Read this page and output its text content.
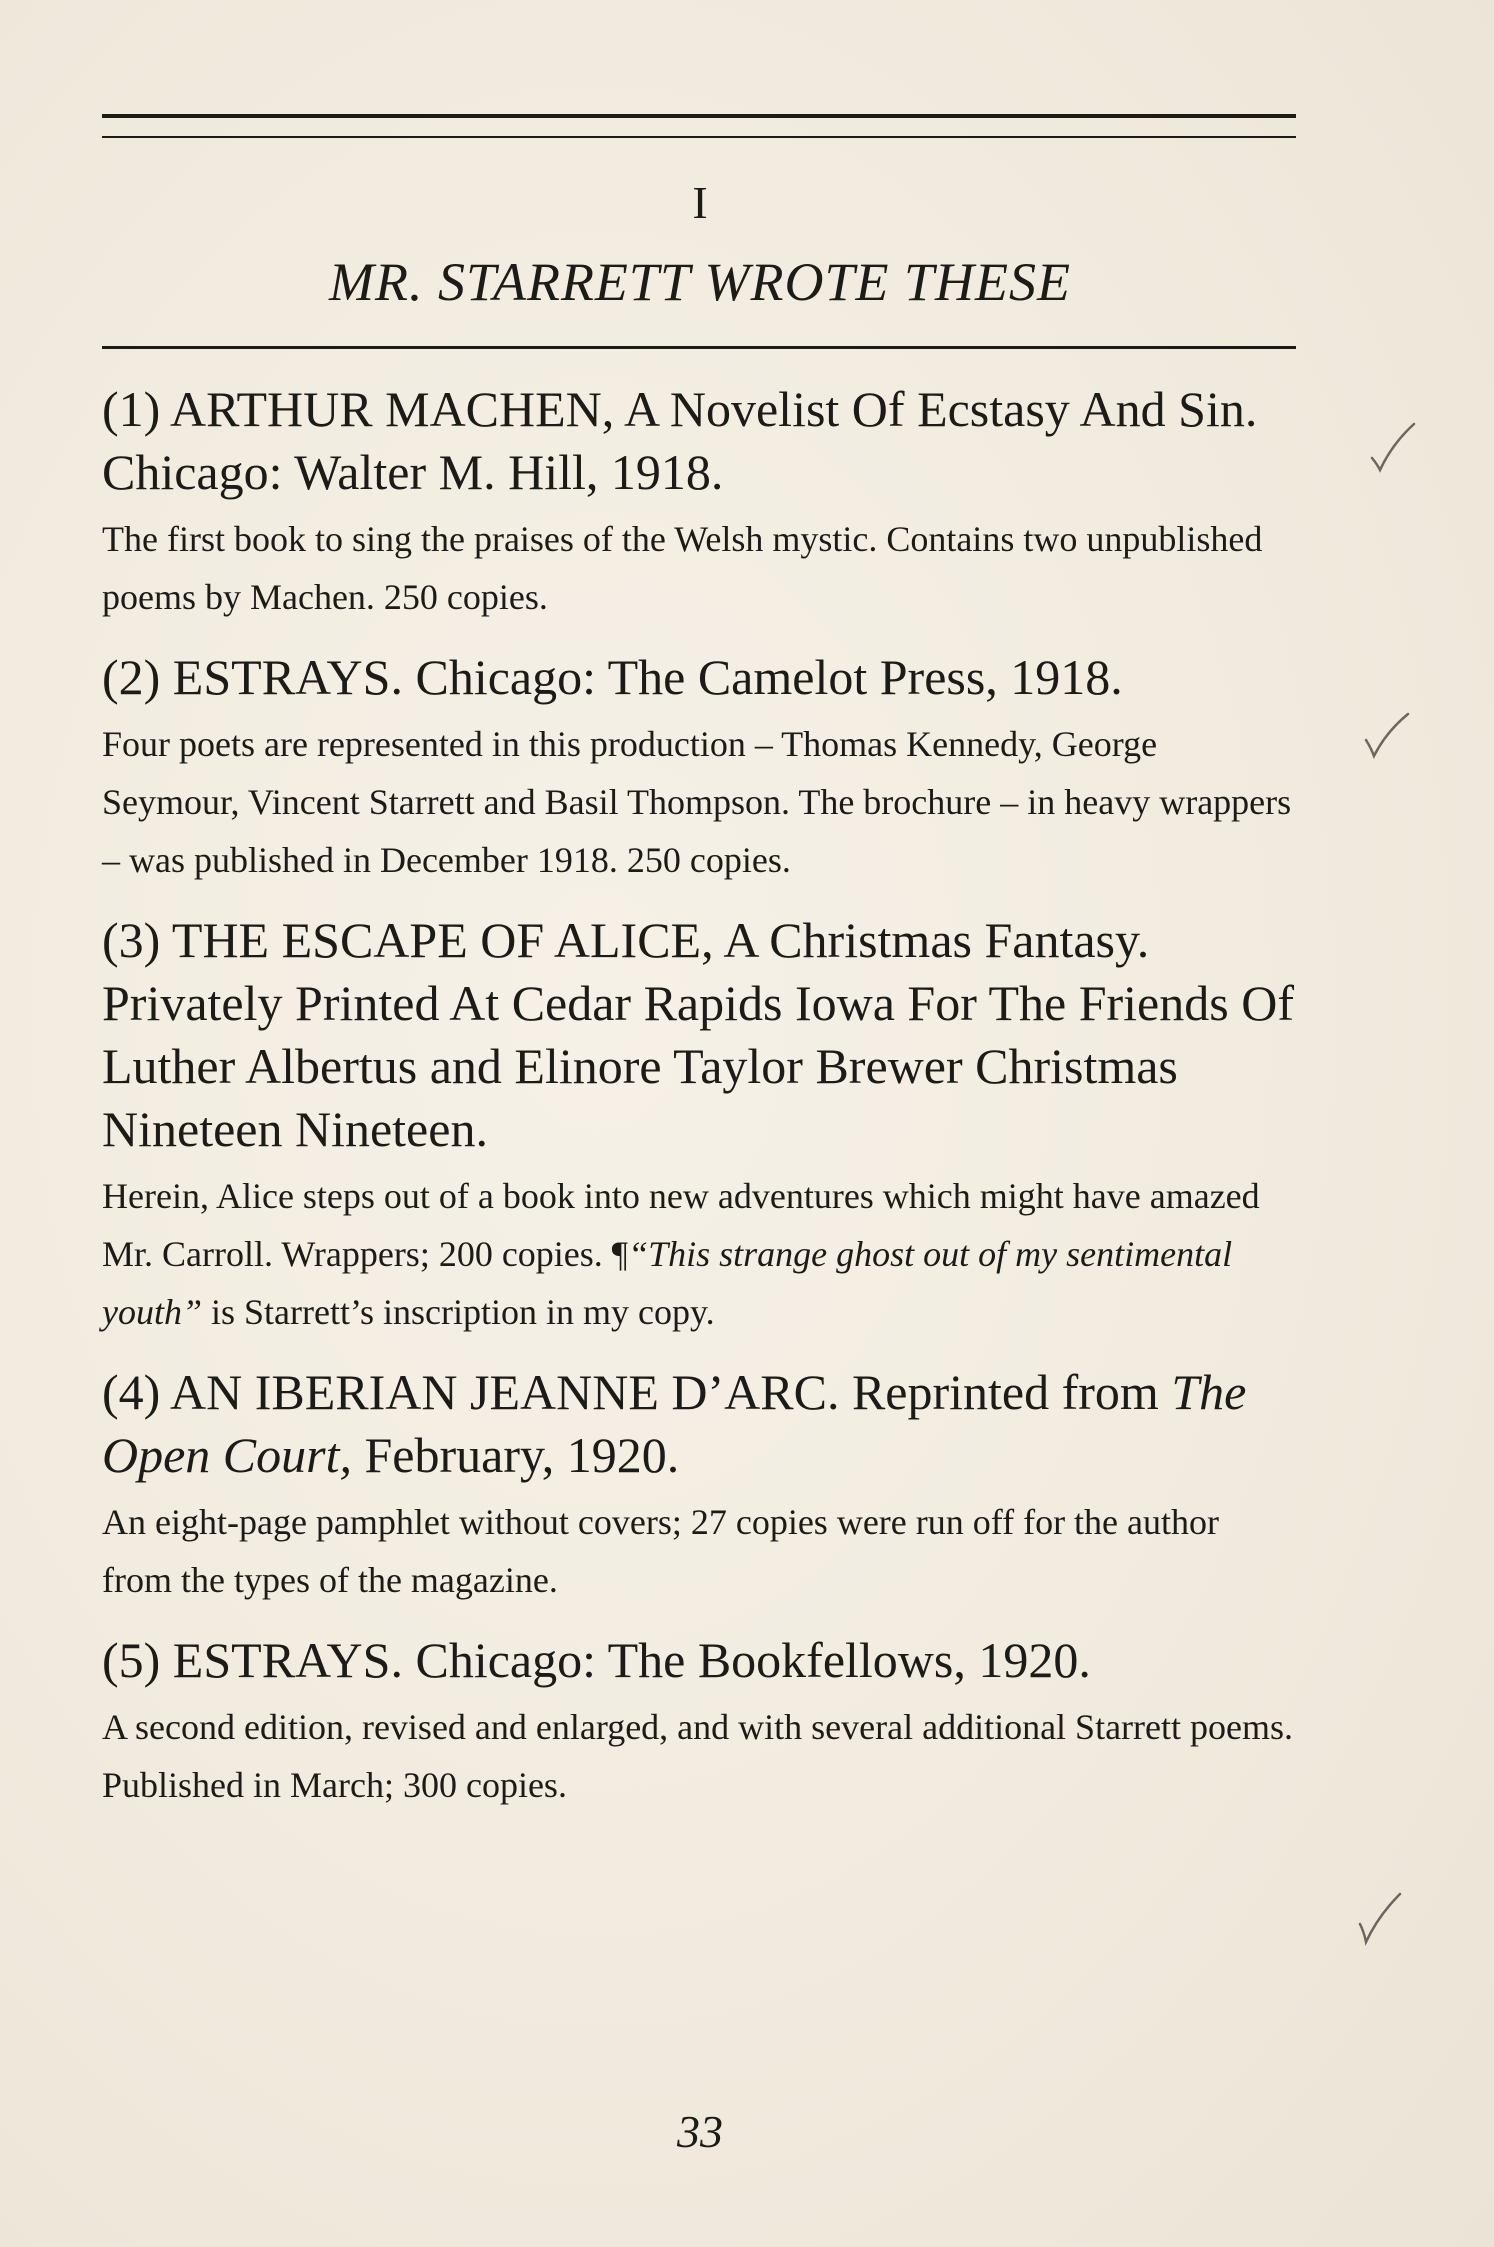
I
MR. STARRETT WROTE THESE

(1) ARTHUR MACHEN, A Novelist Of Ecstasy And Sin. Chicago: Walter M. Hill, 1918.

The first book to sing the praises of the Welsh mystic. Contains two unpublished poems by Machen. 250 copies.

(2) ESTRAYS. Chicago: The Camelot Press, 1918.

Four poets are represented in this production – Thomas Kennedy, George Seymour, Vincent Starrett and Basil Thompson. The brochure – in heavy wrappers – was published in December 1918. 250 copies.

(3) THE ESCAPE OF ALICE, A Christmas Fantasy. Privately Printed At Cedar Rapids Iowa For The Friends Of Luther Albertus and Elinore Taylor Brewer Christmas Nineteen Nineteen.

Herein, Alice steps out of a book into new adventures which might have amazed Mr. Carroll. Wrappers; 200 copies. ¶“This strange ghost out of my sentimental youth” is Starrett’s inscription in my copy.

(4) AN IBERIAN JEANNE D’ARC. Reprinted from The Open Court, February, 1920.

An eight-page pamphlet without covers; 27 copies were run off for the author from the types of the magazine.

(5) ESTRAYS. Chicago: The Bookfellows, 1920.

A second edition, revised and enlarged, and with several additional Starrett poems. Published in March; 300 copies.

33
